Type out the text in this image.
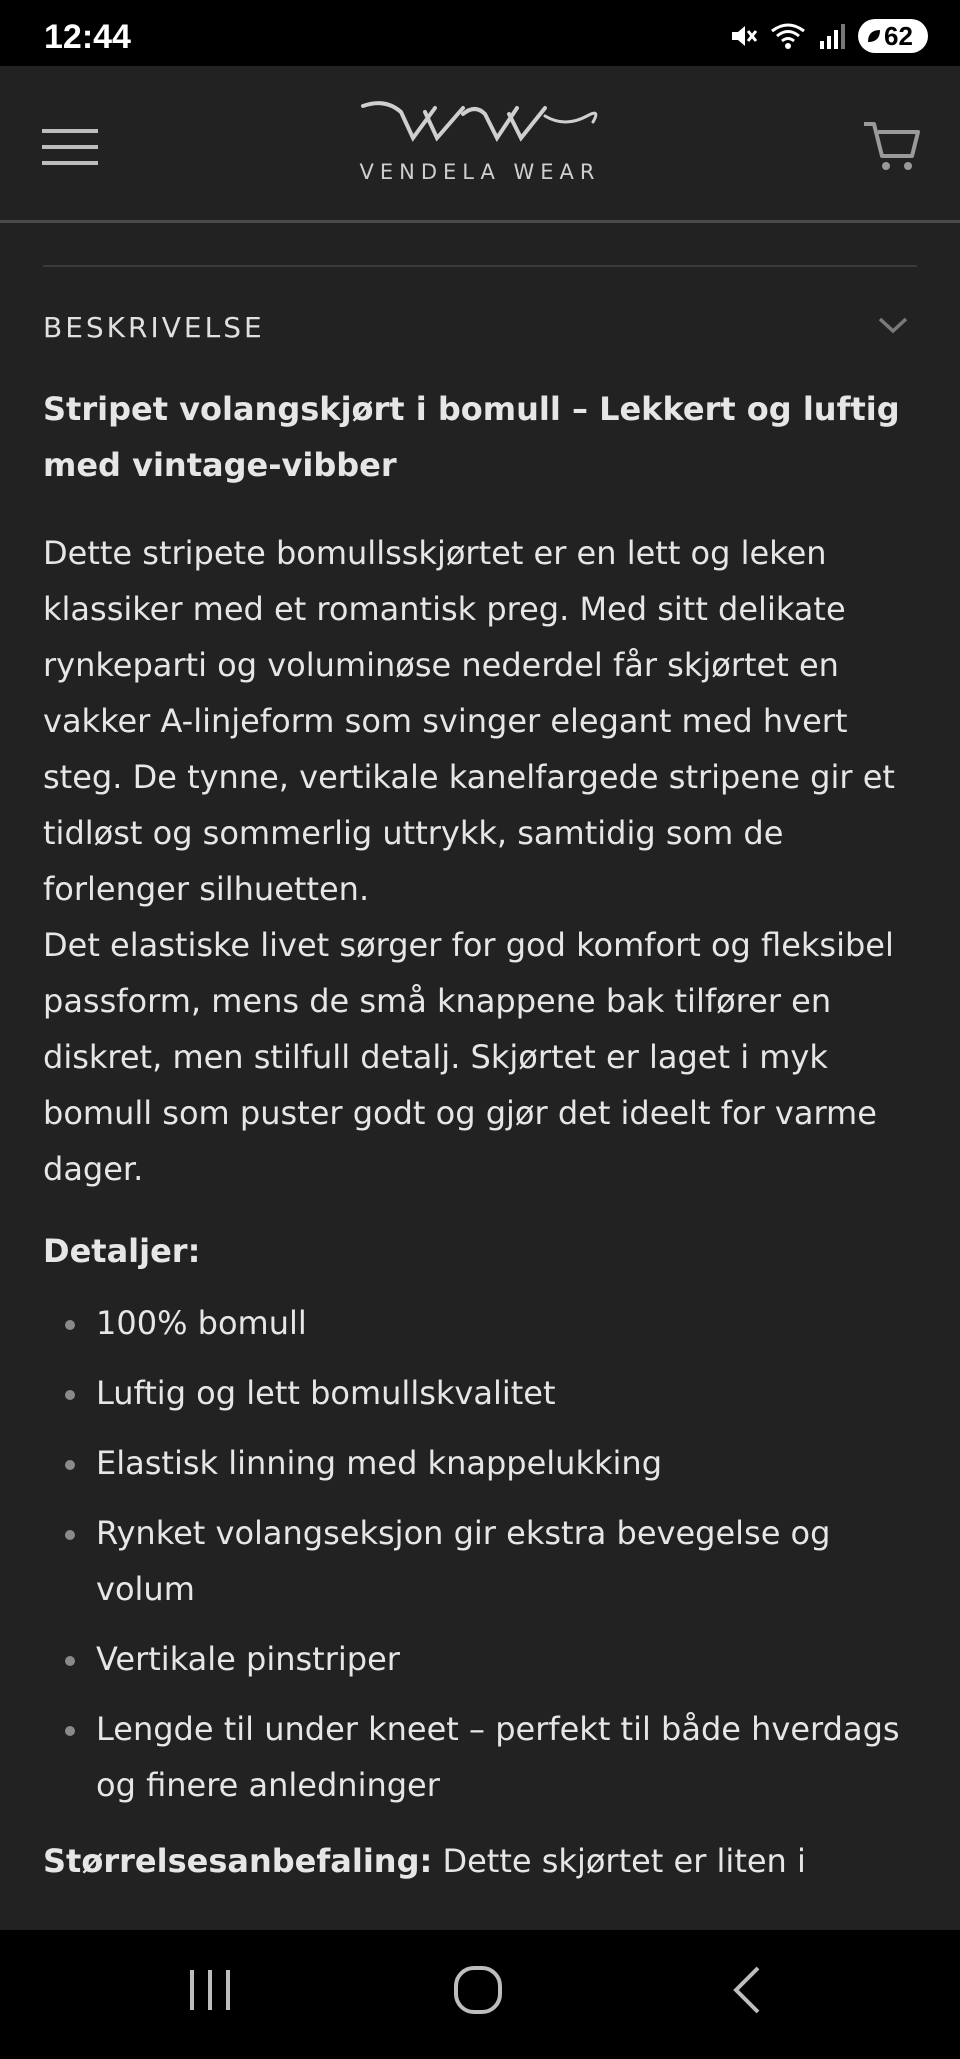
12:44	62
VENDELA WEAR
BESKRIVELSE

Stripet volangskjørt i bomull – Lekkert og luftig med vintage-vibber

Dette stripete bomullsskjørtet er en lett og leken klassiker med et romantisk preg. Med sitt delikate rynkeparti og voluminøse nederdel får skjørtet en vakker A-linjeform som svinger elegant med hvert steg. De tynne, vertikale kanelfargede stripene gir et tidløst og sommerlig uttrykk, samtidig som de forlenger silhuetten.
Det elastiske livet sørger for god komfort og fleksibel passform, mens de små knappene bak tilfører en diskret, men stilfull detalj. Skjørtet er laget i myk bomull som puster godt og gjør det ideelt for varme dager.

Detaljer:

100% bomull
Luftig og lett bomullskvalitet
Elastisk linning med knappelukking
Rynket volangseksjon gir ekstra bevegelse og volum
Vertikale pinstriper
Lengde til under kneet – perfekt til både hverdags og finere anledninger

Størrelsesanbefaling: Dette skjørtet er liten i
